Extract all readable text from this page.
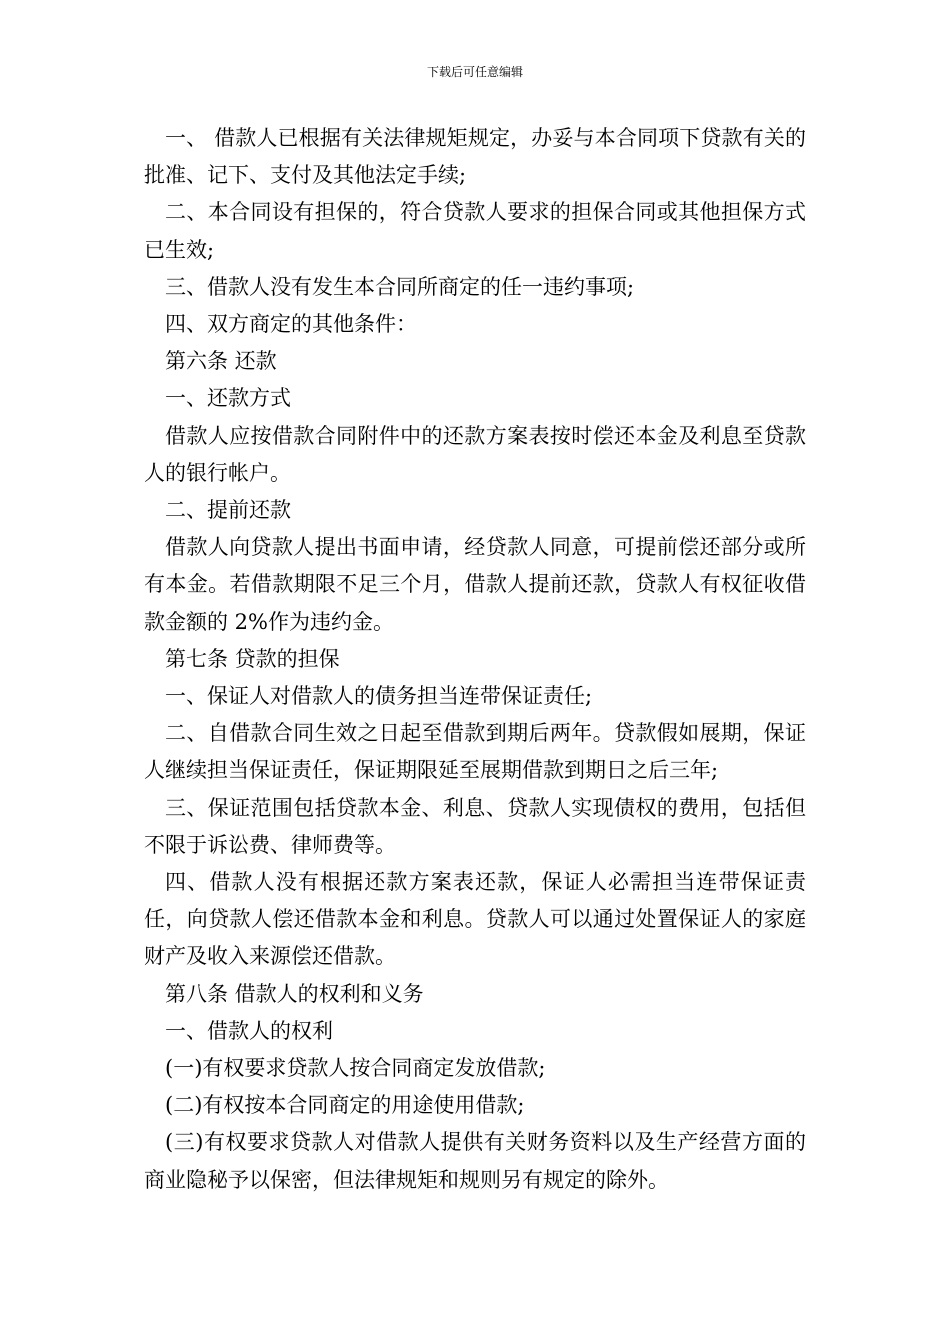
下载后可任意编辑

一、 借款人已根据有关法律规矩规定，办妥与本合同项下贷款有关的批准、记下、支付及其他法定手续;

二、本合同设有担保的，符合贷款人要求的担保合同或其他担保方式已生效;

三、借款人没有发生本合同所商定的任一违约事项;

四、双方商定的其他条件：

第六条 还款

一、还款方式

借款人应按借款合同附件中的还款方案表按时偿还本金及利息至贷款人的银行帐户。

二、提前还款

借款人向贷款人提出书面申请，经贷款人同意，可提前偿还部分或所有本金。若借款期限不足三个月，借款人提前还款，贷款人有权征收借款金额的 2%作为违约金。

第七条 贷款的担保

一、保证人对借款人的债务担当连带保证责任;

二、自借款合同生效之日起至借款到期后两年。贷款假如展期，保证人继续担当保证责任，保证期限延至展期借款到期日之后三年;

三、保证范围包括贷款本金、利息、贷款人实现债权的费用，包括但不限于诉讼费、律师费等。

四、借款人没有根据还款方案表还款，保证人必需担当连带保证责任，向贷款人偿还借款本金和利息。贷款人可以通过处置保证人的家庭财产及收入来源偿还借款。

第八条 借款人的权利和义务

一、借款人的权利

(一)有权要求贷款人按合同商定发放借款;

(二)有权按本合同商定的用途使用借款;

(三)有权要求贷款人对借款人提供有关财务资料以及生产经营方面的商业隐秘予以保密，但法律规矩和规则另有规定的除外。
